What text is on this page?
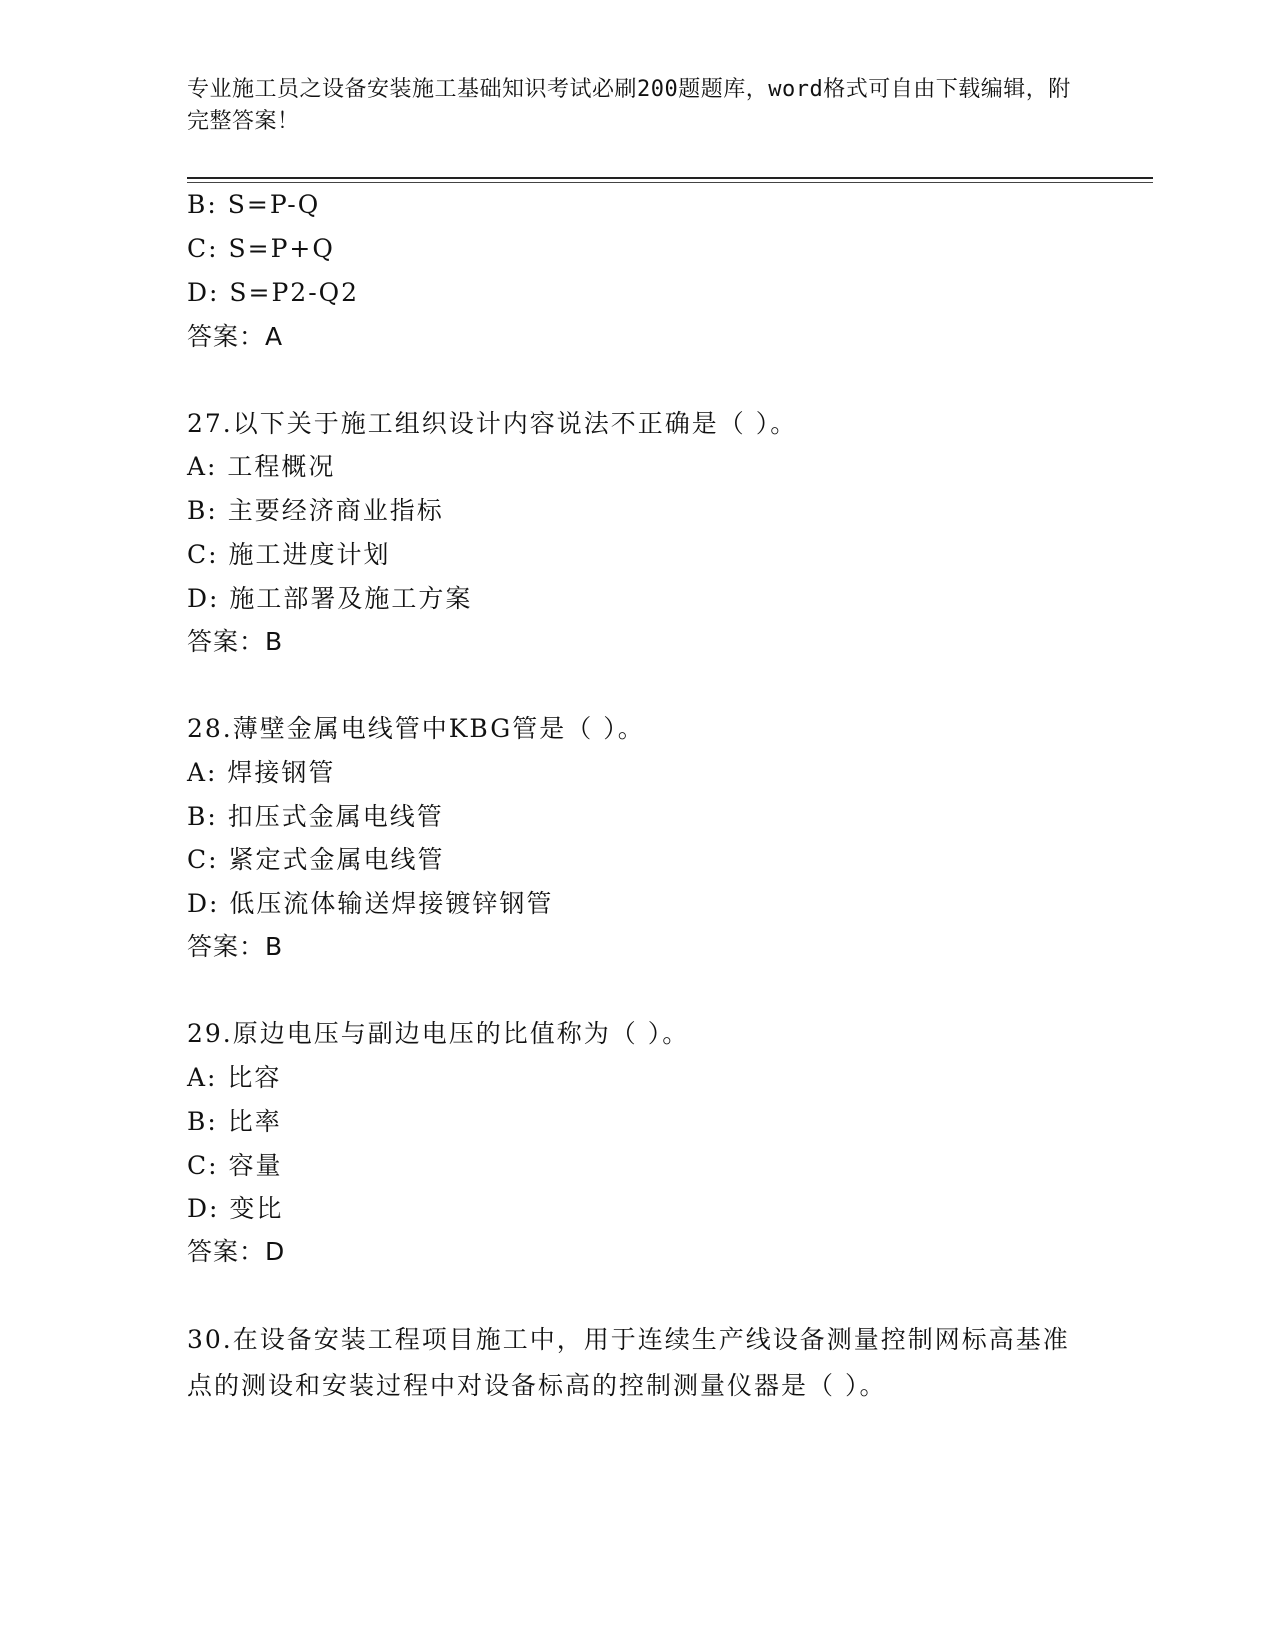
专业施工员之设备安装施工基础知识考试必刷200题题库，word格式可自由下载编辑，附完整答案！
B: S=P-Q
C: S=P+Q
D: S=P2-Q2
答案：A
27.以下关于施工组织设计内容说法不正确是（ ）。
A: 工程概况
B: 主要经济商业指标
C: 施工进度计划
D: 施工部署及施工方案
答案：B
28.薄壁金属电线管中KBG管是（ ）。
A: 焊接钢管
B: 扣压式金属电线管
C: 紧定式金属电线管
D: 低压流体输送焊接镀锌钢管
答案：B
29.原边电压与副边电压的比值称为（ ）。
A: 比容
B: 比率
C: 容量
D: 变比
答案：D
30.在设备安装工程项目施工中，用于连续生产线设备测量控制网标高基准点的测设和安装过程中对设备标高的控制测量仪器是（ ）。
